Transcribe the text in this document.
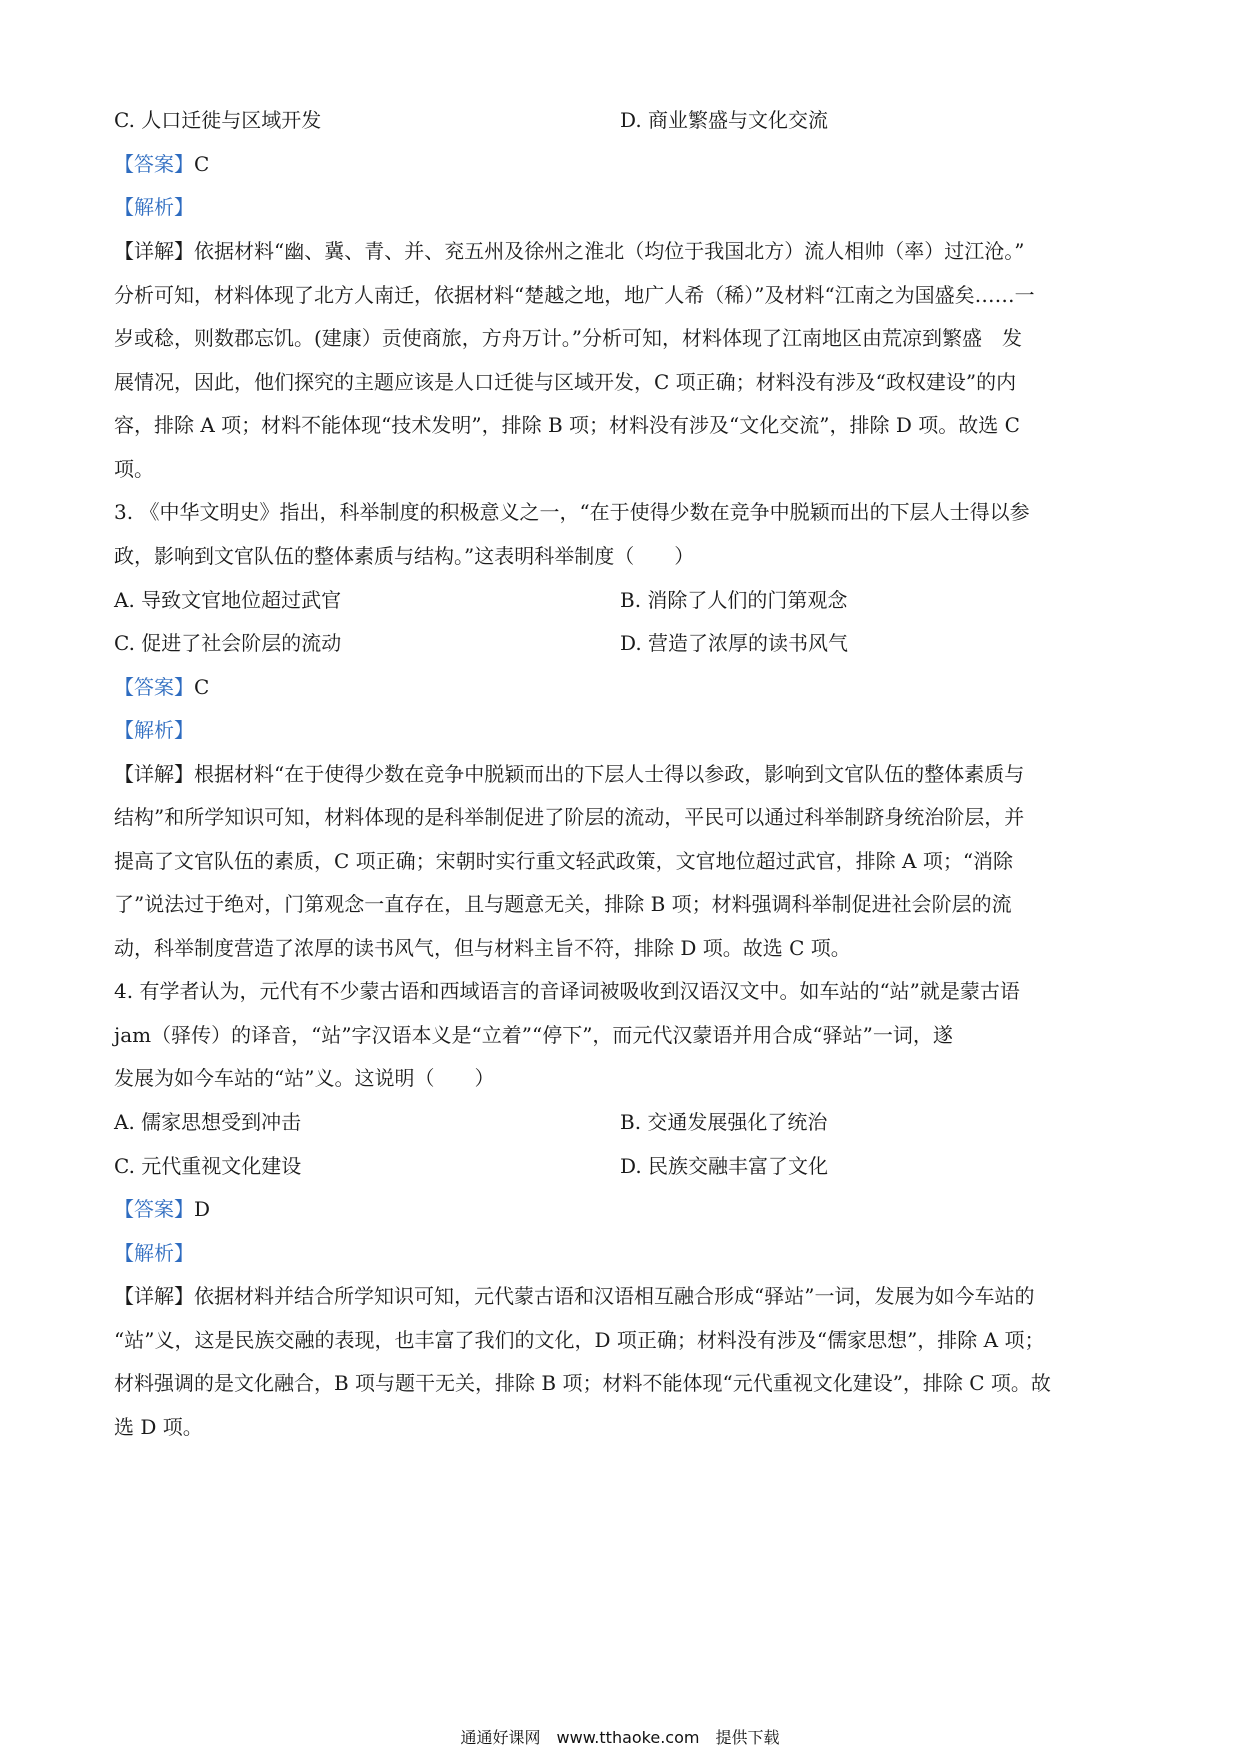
C. 人口迁徙与区域开发	D. 商业繁盛与文化交流
【答案】C
【解析】
【详解】依据材料“幽、冀、青、并、兖五州及徐州之淮北（均位于我国北方）流人相帅（率）过江沧。”
分析可知，材料体现了北方人南迁，依据材料“楚越之地，地广人希（稀）”及材料“江南之为国盛矣……一
岁或稔，则数郡忘饥。(建康）贡使商旅，方舟万计。”分析可知，材料体现了江南地区由荒凉到繁盛　发
展情况，因此，他们探究的主题应该是人口迁徙与区域开发，C 项正确；材料没有涉及“政权建设”的内
容，排除 A 项；材料不能体现“技术发明”，排除 B 项；材料没有涉及“文化交流”，排除 D 项。故选 C
项。
3. 《中华文明史》指出，科举制度的积极意义之一，“在于使得少数在竞争中脱颖而出的下层人士得以参
政，影响到文官队伍的整体素质与结构。”这表明科举制度（　　）
A. 导致文官地位超过武官	B. 消除了人们的门第观念
C. 促进了社会阶层的流动	D. 营造了浓厚的读书风气
【答案】C
【解析】
【详解】根据材料“在于使得少数在竞争中脱颖而出的下层人士得以参政，影响到文官队伍的整体素质与
结构”和所学知识可知，材料体现的是科举制促进了阶层的流动，平民可以通过科举制跻身统治阶层，并
提高了文官队伍的素质，C 项正确；宋朝时实行重文轻武政策，文官地位超过武官，排除 A 项；“消除
了”说法过于绝对，门第观念一直存在，且与题意无关，排除 B 项；材料强调科举制促进社会阶层的流
动，科举制度营造了浓厚的读书风气，但与材料主旨不符，排除 D 项。故选 C 项。
4. 有学者认为，元代有不少蒙古语和西域语言的音译词被吸收到汉语汉文中。如车站的“站”就是蒙古语
jam（驿传）的译音，“站”字汉语本义是“立着”“停下”，而元代汉蒙语并用合成“驿站”一词，遂
发展为如今车站的“站”义。这说明（　　）
A. 儒家思想受到冲击	B. 交通发展强化了统治
C. 元代重视文化建设	D. 民族交融丰富了文化
【答案】D
【解析】
【详解】依据材料并结合所学知识可知，元代蒙古语和汉语相互融合形成“驿站”一词，发展为如今车站的
“站”义，这是民族交融的表现，也丰富了我们的文化，D 项正确；材料没有涉及“儒家思想”，排除 A 项；
材料强调的是文化融合，B 项与题干无关，排除 B 项；材料不能体现“元代重视文化建设”，排除 C 项。故
选 D 项。
通通好课网　www.tthaoke.com　提供下载
